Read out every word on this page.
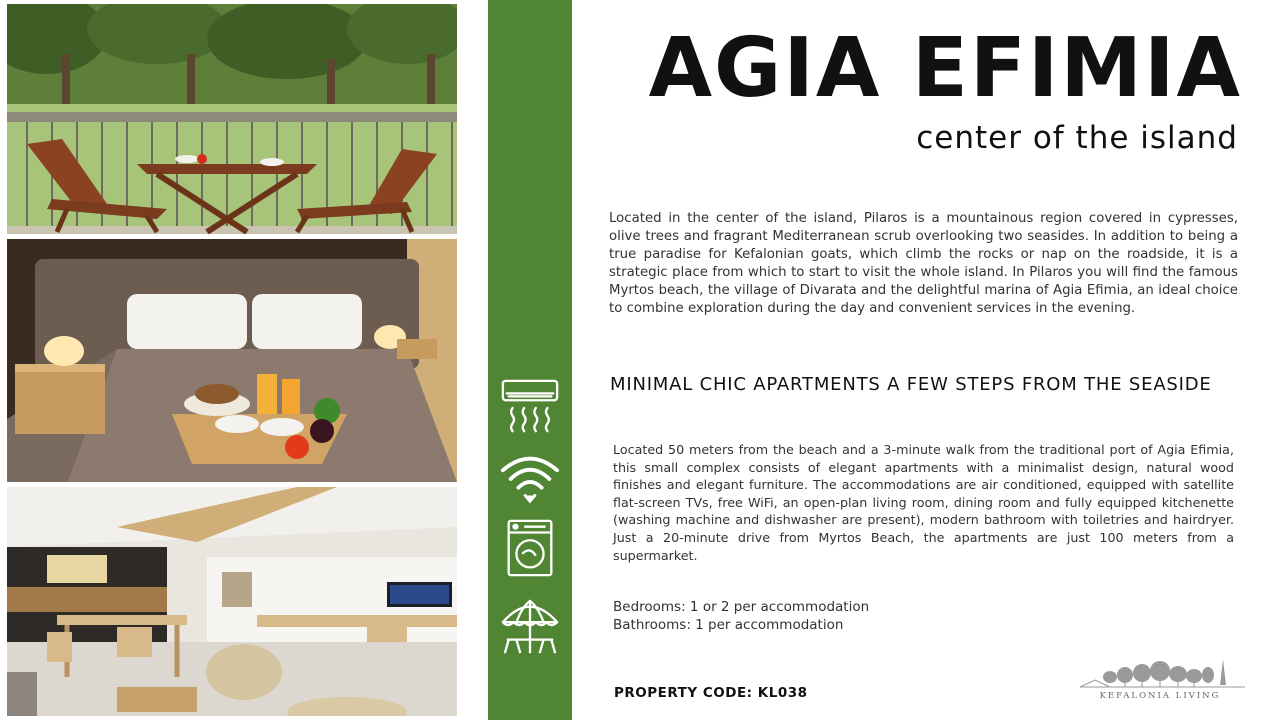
AGIA EFIMIA
center of the island

Located in the center of the island, Pilaros is a mountainous region covered in cypresses, olive trees and fragrant Mediterranean scrub overlooking two seasides. In addition to being a true paradise for Kefalonian goats, which climb the rocks or nap on the roadside, it is a strategic place from which to start to visit the whole island. In Pilaros you will find the famous Myrtos beach, the village of Divarata and the delightful marina of Agia Efimia, an ideal choice to combine exploration during the day and convenient services in the evening.

MINIMAL CHIC APARTMENTS A FEW STEPS FROM THE SEASIDE

Located 50 meters from the beach and a 3-minute walk from the traditional port of Agia Efimia, this small complex consists of elegant apartments with a minimalist design, natural wood finishes and elegant furniture. The accommodations are air conditioned, equipped with satellite flat-screen TVs, free WiFi, an open-plan living room, dining room and fully equipped kitchenette (washing machine and dishwasher are present), modern bathroom with toiletries and hairdryer. Just a 20-minute drive from Myrtos Beach, the apartments are just 100 meters from a supermarket.

Bedrooms: 1 or 2 per accommodation
Bathrooms: 1 per accommodation
PROPERTY CODE: KL038	KEFALONIA LIVING
